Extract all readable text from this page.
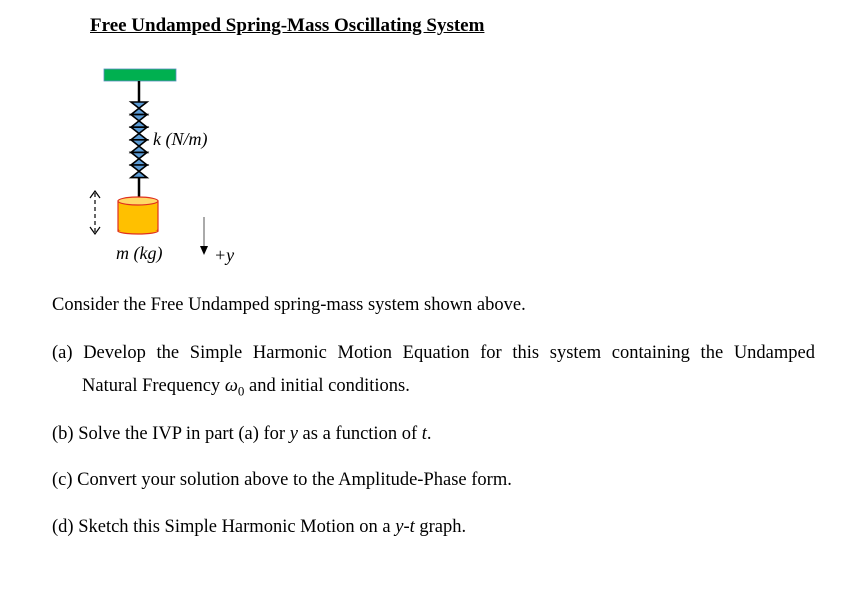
Free Undamped Spring-Mass Oscillating System
k (N/m)
m (kg)	+y
Consider the Free Undamped spring-mass system shown above.
(a) Develop the Simple Harmonic Motion Equation for this system containing the Undamped
Natural Frequency $\omega_0$ and initial conditions.
(b) Solve the IVP in part (a) for y as a function of t.
(c) Convert your solution above to the Amplitude-Phase form.
(d) Sketch this Simple Harmonic Motion on a y-t graph.
